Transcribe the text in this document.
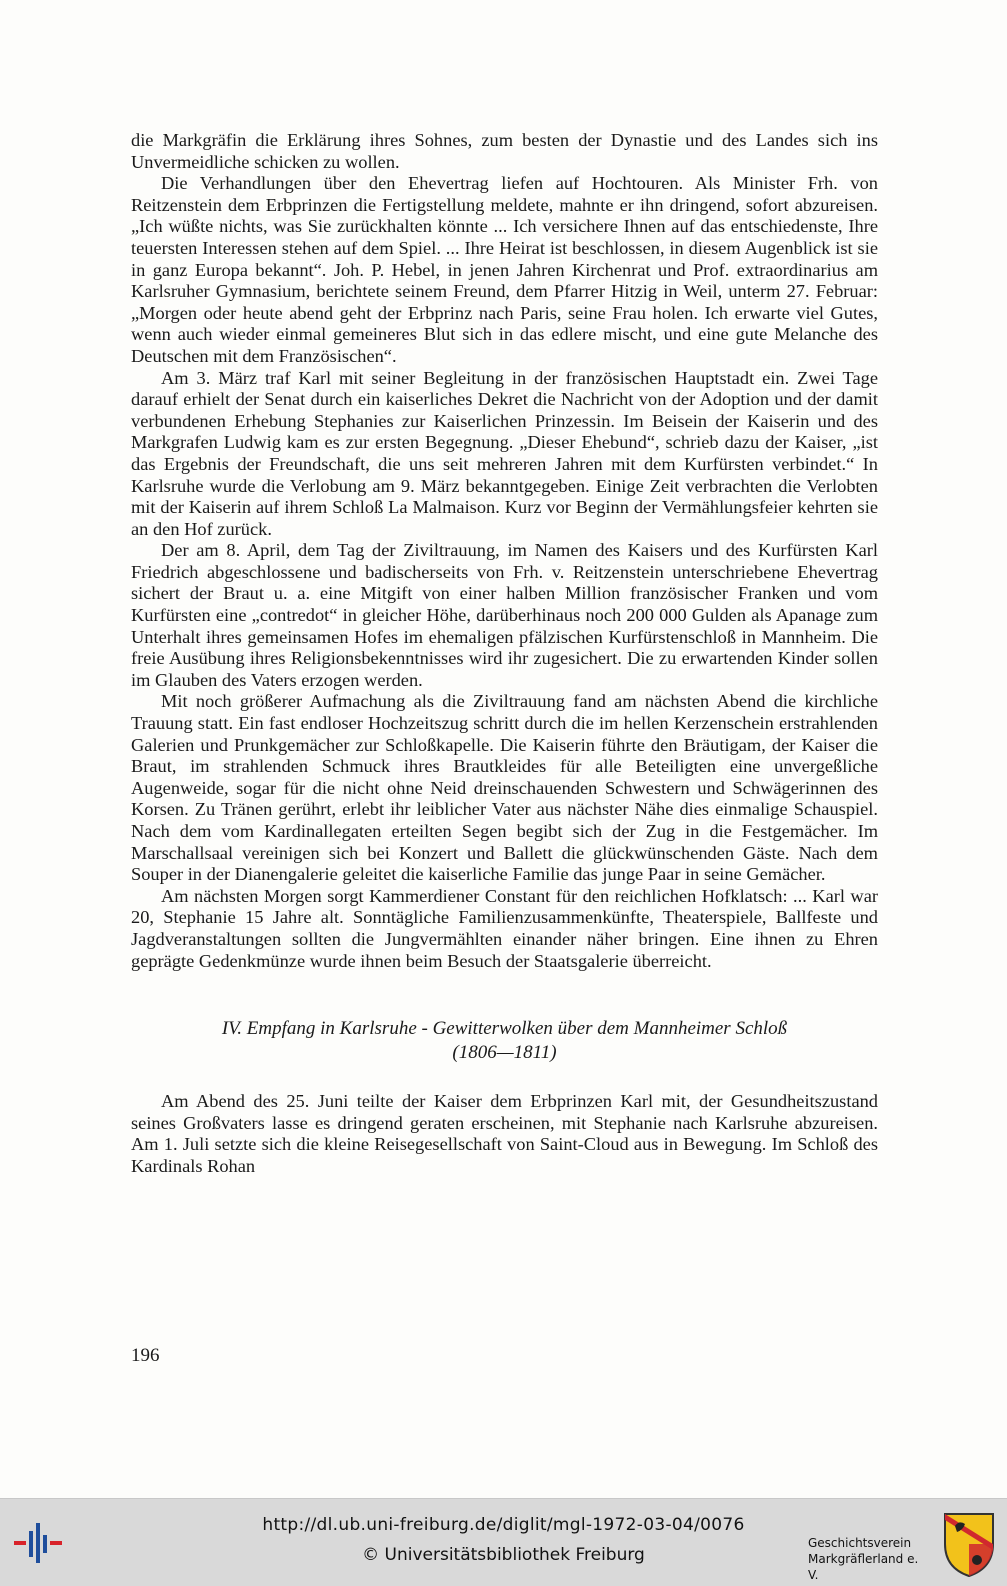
die Markgräfin die Erklärung ihres Sohnes, zum besten der Dynastie und des Landes sich ins Unvermeidliche schicken zu wollen.

Die Verhandlungen über den Ehevertrag liefen auf Hochtouren. Als Minister Frh. von Reitzenstein dem Erbprinzen die Fertigstellung meldete, mahnte er ihn dringend, sofort abzureisen. „Ich wüßte nichts, was Sie zurückhalten könnte ... Ich versichere Ihnen auf das entschiedenste, Ihre teuersten Interessen stehen auf dem Spiel. ... Ihre Heirat ist beschlossen, in diesem Augenblick ist sie in ganz Europa bekannt“. Joh. P. Hebel, in jenen Jahren Kirchenrat und Prof. extraordinarius am Karlsruher Gymnasium, berichtete seinem Freund, dem Pfarrer Hitzig in Weil, unterm 27. Februar: „Morgen oder heute abend geht der Erbprinz nach Paris, seine Frau holen. Ich erwarte viel Gutes, wenn auch wieder einmal gemeineres Blut sich in das edlere mischt, und eine gute Melanche des Deutschen mit dem Französischen“.

Am 3. März traf Karl mit seiner Begleitung in der französischen Hauptstadt ein. Zwei Tage darauf erhielt der Senat durch ein kaiserliches Dekret die Nachricht von der Adoption und der damit verbundenen Erhebung Stephanies zur Kaiserlichen Prinzessin. Im Beisein der Kaiserin und des Markgrafen Ludwig kam es zur ersten Begegnung. „Dieser Ehebund“, schrieb dazu der Kaiser, „ist das Ergebnis der Freundschaft, die uns seit mehreren Jahren mit dem Kurfürsten verbindet.“ In Karlsruhe wurde die Verlobung am 9. März bekanntgegeben. Einige Zeit verbrachten die Verlobten mit der Kaiserin auf ihrem Schloß La Malmaison. Kurz vor Beginn der Vermählungsfeier kehrten sie an den Hof zurück.

Der am 8. April, dem Tag der Ziviltrauung, im Namen des Kaisers und des Kurfürsten Karl Friedrich abgeschlossene und badischerseits von Frh. v. Reitzenstein unterschriebene Ehevertrag sichert der Braut u. a. eine Mitgift von einer halben Million französischer Franken und vom Kurfürsten eine „contredot“ in gleicher Höhe, darüberhinaus noch 200 000 Gulden als Apanage zum Unterhalt ihres gemeinsamen Hofes im ehemaligen pfälzischen Kurfürstenschloß in Mannheim. Die freie Ausübung ihres Religionsbekenntnisses wird ihr zugesichert. Die zu erwartenden Kinder sollen im Glauben des Vaters erzogen werden.

Mit noch größerer Aufmachung als die Ziviltrauung fand am nächsten Abend die kirchliche Trauung statt. Ein fast endloser Hochzeitszug schritt durch die im hellen Kerzenschein erstrahlenden Galerien und Prunkgemächer zur Schloßkapelle. Die Kaiserin führte den Bräutigam, der Kaiser die Braut, im strahlenden Schmuck ihres Brautkleides für alle Beteiligten eine unvergeßliche Augenweide, sogar für die nicht ohne Neid dreinschauenden Schwestern und Schwägerinnen des Korsen. Zu Tränen gerührt, erlebt ihr leiblicher Vater aus nächster Nähe dies einmalige Schauspiel. Nach dem vom Kardinallegaten erteilten Segen begibt sich der Zug in die Festgemächer. Im Marschallsaal vereinigen sich bei Konzert und Ballett die glückwünschenden Gäste. Nach dem Souper in der Dianengalerie geleitet die kaiserliche Familie das junge Paar in seine Gemächer.

Am nächsten Morgen sorgt Kammerdiener Constant für den reichlichen Hofklatsch: ... Karl war 20, Stephanie 15 Jahre alt. Sonntägliche Familienzusammenkünfte, Theaterspiele, Ballfeste und Jagdveranstaltungen sollten die Jungvermählten einander näher bringen. Eine ihnen zu Ehren geprägte Gedenkmünze wurde ihnen beim Besuch der Staatsgalerie überreicht.

IV. Empfang in Karlsruhe - Gewitterwolken über dem Mannheimer Schloß
(1806—1811)

Am Abend des 25. Juni teilte der Kaiser dem Erbprinzen Karl mit, der Gesundheitszustand seines Großvaters lasse es dringend geraten erscheinen, mit Stephanie nach Karlsruhe abzureisen. Am 1. Juli setzte sich die kleine Reisegesellschaft von Saint-Cloud aus in Bewegung. Im Schloß des Kardinals Rohan

196
http://dl.ub.uni-freiburg.de/diglit/mgl-1972-03-04/0076
© Universitätsbibliothek Freiburg
Geschichtsverein
Markgräflerland e. V.
